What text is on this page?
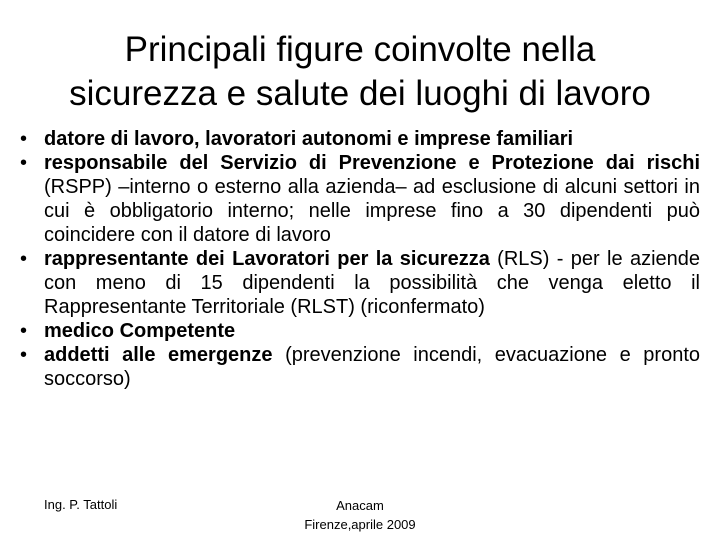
Principali figure coinvolte nella
sicurezza e salute dei luoghi di lavoro
• datore di lavoro, lavoratori autonomi e imprese familiari
• responsabile del Servizio di Prevenzione e Protezione dai rischi (RSPP) –interno o esterno alla azienda– ad esclusione di alcuni settori in cui è obbligatorio interno; nelle imprese fino a 30 dipendenti può coincidere con il datore di lavoro
• rappresentante dei Lavoratori per la sicurezza (RLS) - per le aziende con meno di 15 dipendenti la possibilità che venga eletto il Rappresentante Territoriale (RLST) (riconfermato)
• medico Competente
• addetti alle emergenze (prevenzione incendi, evacuazione e pronto soccorso)
Ing. P. Tattoli	Anacam
Firenze,aprile 2009
